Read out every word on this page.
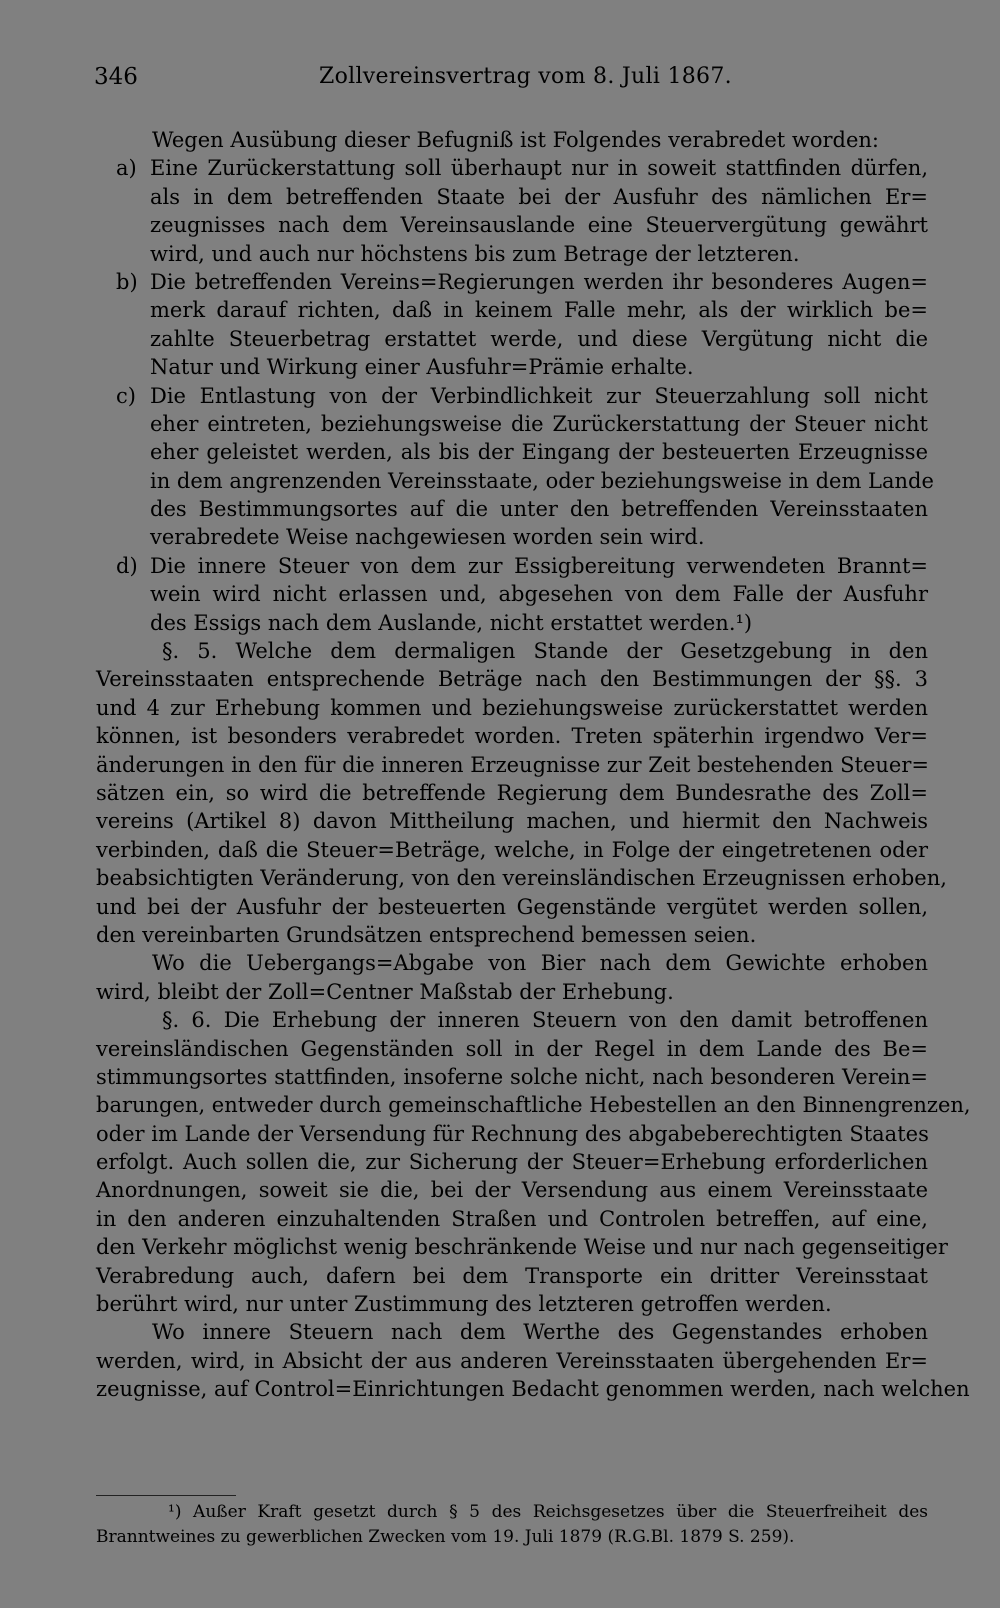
346	Zollvereinsvertrag vom 8. Juli 1867.
Wegen Ausübung dieser Befugniß ist Folgendes verabredet worden:
a) Eine Zurückerstattung soll überhaupt nur in soweit stattfinden dürfen,
als in dem betreffenden Staate bei der Ausfuhr des nämlichen Er=
zeugnisses nach dem Vereinsauslande eine Steuervergütung gewährt
wird, und auch nur höchstens bis zum Betrage der letzteren.
b) Die betreffenden Vereins=Regierungen werden ihr besonderes Augen=
merk darauf richten, daß in keinem Falle mehr, als der wirklich be=
zahlte Steuerbetrag erstattet werde, und diese Vergütung nicht die
Natur und Wirkung einer Ausfuhr=Prämie erhalte.
c) Die Entlastung von der Verbindlichkeit zur Steuerzahlung soll nicht
eher eintreten, beziehungsweise die Zurückerstattung der Steuer nicht
eher geleistet werden, als bis der Eingang der besteuerten Erzeugnisse
in dem angrenzenden Vereinsstaate, oder beziehungsweise in dem Lande
des Bestimmungsortes auf die unter den betreffenden Vereinsstaaten
verabredete Weise nachgewiesen worden sein wird.
d) Die innere Steuer von dem zur Essigbereitung verwendeten Brannt=
wein wird nicht erlassen und, abgesehen von dem Falle der Ausfuhr
des Essigs nach dem Auslande, nicht erstattet werden.¹)
§. 5. Welche dem dermaligen Stande der Gesetzgebung in den
Vereinsstaaten entsprechende Beträge nach den Bestimmungen der §§. 3
und 4 zur Erhebung kommen und beziehungsweise zurückerstattet werden
können, ist besonders verabredet worden. Treten späterhin irgendwo Ver=
änderungen in den für die inneren Erzeugnisse zur Zeit bestehenden Steuer=
sätzen ein, so wird die betreffende Regierung dem Bundesrathe des Zoll=
vereins (Artikel 8) davon Mittheilung machen, und hiermit den Nachweis
verbinden, daß die Steuer=Beträge, welche, in Folge der eingetretenen oder
beabsichtigten Veränderung, von den vereinsländischen Erzeugnissen erhoben,
und bei der Ausfuhr der besteuerten Gegenstände vergütet werden sollen,
den vereinbarten Grundsätzen entsprechend bemessen seien.
Wo die Uebergangs=Abgabe von Bier nach dem Gewichte erhoben
wird, bleibt der Zoll=Centner Maßstab der Erhebung.
§. 6. Die Erhebung der inneren Steuern von den damit betroffenen
vereinsländischen Gegenständen soll in der Regel in dem Lande des Be=
stimmungsortes stattfinden, insoferne solche nicht, nach besonderen Verein=
barungen, entweder durch gemeinschaftliche Hebestellen an den Binnengrenzen,
oder im Lande der Versendung für Rechnung des abgabeberechtigten Staates
erfolgt. Auch sollen die, zur Sicherung der Steuer=Erhebung erforderlichen
Anordnungen, soweit sie die, bei der Versendung aus einem Vereinsstaate
in den anderen einzuhaltenden Straßen und Controlen betreffen, auf eine,
den Verkehr möglichst wenig beschränkende Weise und nur nach gegenseitiger
Verabredung auch, dafern bei dem Transporte ein dritter Vereinsstaat
berührt wird, nur unter Zustimmung des letzteren getroffen werden.
Wo innere Steuern nach dem Werthe des Gegenstandes erhoben
werden, wird, in Absicht der aus anderen Vereinsstaaten übergehenden Er=
zeugnisse, auf Control=Einrichtungen Bedacht genommen werden, nach welchen
¹) Außer Kraft gesetzt durch § 5 des Reichsgesetzes über die Steuerfreiheit des
Branntweines zu gewerblichen Zwecken vom 19. Juli 1879 (R.G.Bl. 1879 S. 259).
